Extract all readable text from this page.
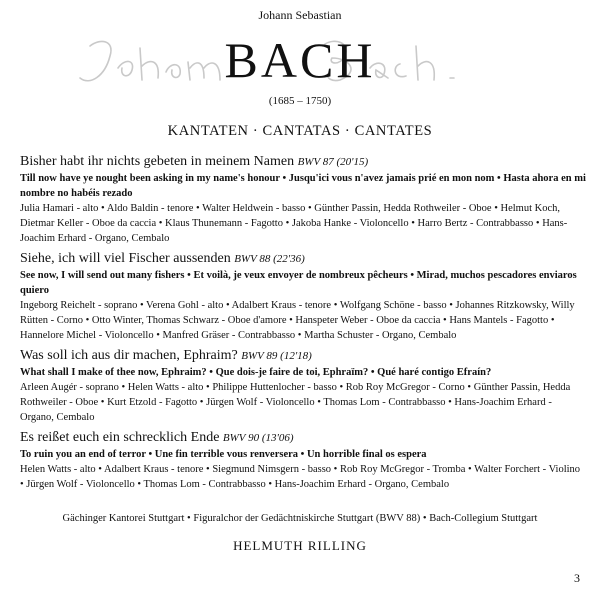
Johann Sebastian
BACH
(1685 – 1750)
KANTATEN · CANTATAS · CANTATES
Bisher habt ihr nichts gebeten in meinem Namen BWV 87 (20'15)
Till now have ye nought been asking in my name's honour • Jusqu'ici vous n'avez jamais prié en mon nom • Hasta ahora en mi nombre no habéis rezado
Julia Hamari - alto • Aldo Baldin - tenore • Walter Heldwein - basso • Günther Passin, Hedda Rothweiler - Oboe • Helmut Koch, Dietmar Keller - Oboe da caccia • Klaus Thunemann - Fagotto • Jakoba Hanke - Violoncello • Harro Bertz - Contrabbasso • Hans-Joachim Erhard - Organo, Cembalo
Siehe, ich will viel Fischer aussenden BWV 88 (22'36)
See now, I will send out many fishers • Et voilà, je veux envoyer de nombreux pêcheurs • Mirad, muchos pescadores enviaros quiero
Ingeborg Reichelt - soprano • Verena Gohl - alto • Adalbert Kraus - tenore • Wolfgang Schöne - basso • Johannes Ritzkowsky, Willy Rütten - Corno • Otto Winter, Thomas Schwarz - Oboe d'amore • Hanspeter Weber - Oboe da caccia • Hans Mantels - Fagotto • Hannelore Michel - Violoncello • Manfred Gräser - Contrabbasso • Martha Schuster - Organo, Cembalo
Was soll ich aus dir machen, Ephraim? BWV 89 (12'18)
What shall I make of thee now, Ephraim? • Que dois-je faire de toi, Ephraïm? • Qué haré contigo Efraín?
Arleen Augér - soprano • Helen Watts - alto • Philippe Huttenlocher - basso • Rob Roy McGregor - Corno • Günther Passin, Hedda Rothweiler - Oboe • Kurt Etzold - Fagotto • Jürgen Wolf - Violoncello • Thomas Lom - Contrabbasso • Hans-Joachim Erhard - Organo, Cembalo
Es reißet euch ein schrecklich Ende BWV 90 (13'06)
To ruin you an end of terror • Une fin terrible vous renversera • Un horrible final os espera
Helen Watts - alto • Adalbert Kraus - tenore • Siegmund Nimsgern - basso • Rob Roy McGregor - Tromba • Walter Forchert - Violino • Jürgen Wolf - Violoncello • Thomas Lom - Contrabbasso • Hans-Joachim Erhard - Organo, Cembalo
Gächinger Kantorei Stuttgart • Figuralchor der Gedächtniskirche Stuttgart (BWV 88) • Bach-Collegium Stuttgart
HELMUTH RILLING
3
